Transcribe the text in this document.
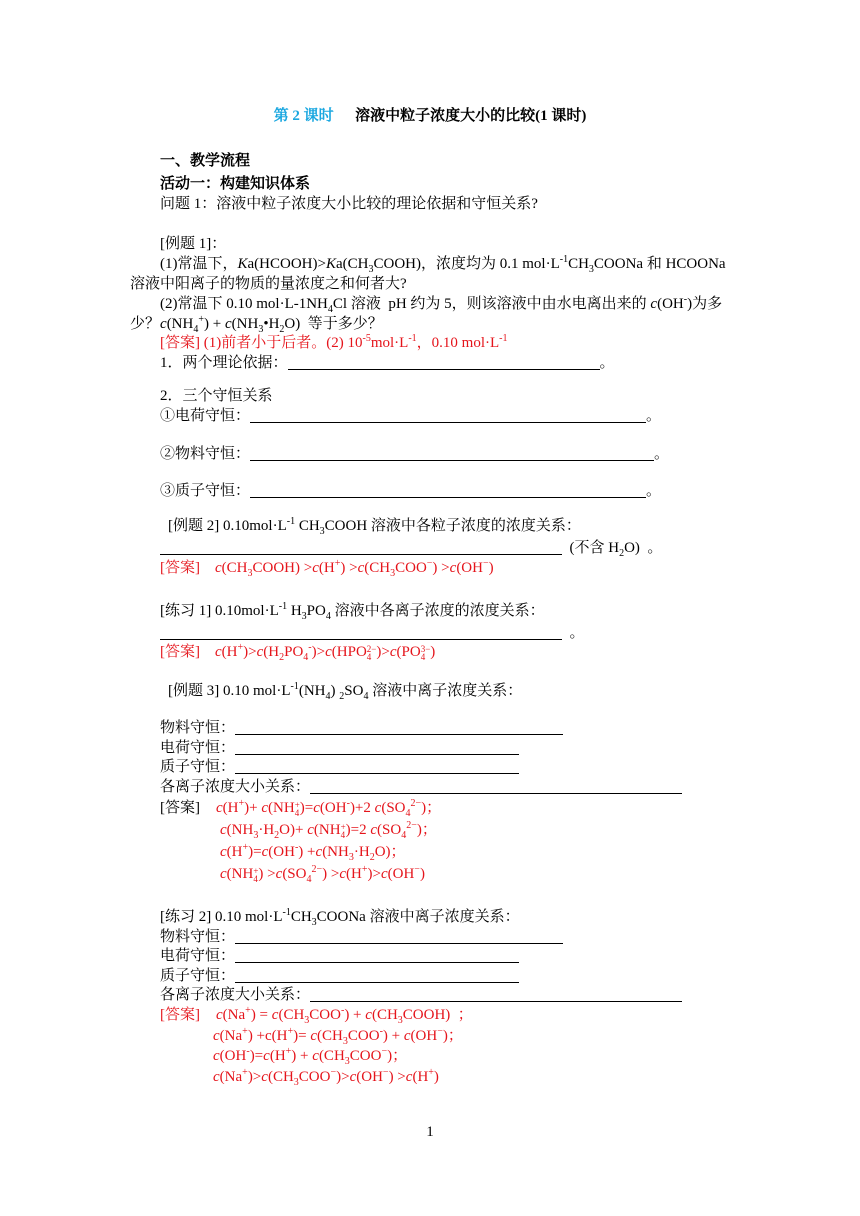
第 2 课时 溶液中粒子浓度大小的比较(1 课时)
一、教学流程
活动一：构建知识体系
问题 1：溶液中粒子浓度大小比较的理论依据和守恒关系?
[例题 1]：
(1)常温下，$Ka(HCOOH)>Ka(CH_3COOH)$，浓度均为 0.1 $mol\cdot L^{-1}CH_3COONa$ 和 HCOONa
溶液中阳离子的物质的量浓度之和何者大?
(2)常温下 0.10 $mol\cdot L-1NH_4Cl$ 溶液  pH 约为 5，则该溶液中由水电离出来的 c(OH-)为多
少？$c(NH_4^+)$ + $c(NH_3•H_2O)$  等于多少？
[答案] (1)前者小于后者。(2) $10^{-5}mol\cdot L^{-1}$，0.10 $mol\cdot L^{-1}$
1．两个理论依据：	。
2．三个守恒关系
①电荷守恒：	。
②物料守恒：	。
③质子守恒：	。
[例题 2] $0.10mol\cdot L^{-1}$ $CH_3COOH$ 溶液中各粒子浓度的浓度关系：
(不含 $H_2O$)  。
[答案]    $c(CH_3COOH) >c(H^+) >c(CH_3COO^-) >c(OH^-)$
[练习 1] $0.10mol\cdot L^{-1}$ $H_3PO_4$ 溶液中各离子浓度的浓度关系：
。
[答案]    $c(H^+)>c(H_2PO_4^-)>c(HPO2-$
4 )>c(PO3−
4 )
[例题 3] 0.10 $mol\cdot L^{-1}(NH_4)$ $_2SO_4$ 溶液中离子浓度关系：
物料守恒：
电荷守恒：
质子守恒：
各离子浓度大小关系：
[答案] c(H+)+ c(NH+
4)=c(OH-)+2 $c(SO_4^{2-})$；
$c(NH_3\cdot H_2O)+ c(NH+$
4)=2 $c(SO_4^{2-})$；
$c(H^+)=c(OH^-) +c(NH_3\cdot H_2O)$；
c(NH+
$4) >c(SO_4^{2-}) >c(H^+)>c(OH^-)$
[练习 2] 0.10 $mol\cdot L^{-1}CH_3COONa$ 溶液中离子浓度关系：
物料守恒：
电荷守恒：
质子守恒：
各离子浓度大小关系：
[答案] $c(Na^+) = c(CH_3COO^-)$ + $c(CH_3COOH)$  ；
$c(Na^+) +c(H^+)= c(CH_3COO^-) + c(OH^-)$；
$c(OH^-)=c(H^+) + c(CH_3COO^-)$；
$c(Na^+)>c(CH_3COO^-)>c(OH^-) >c(H^+)$
1
